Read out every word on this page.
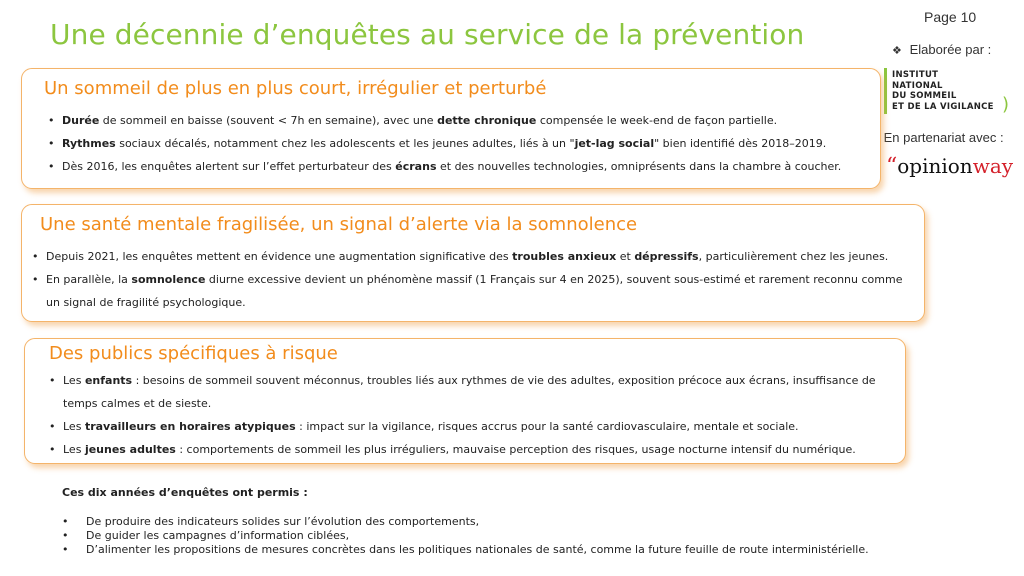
Une décennie d’enquêtes au service de la prévention
Page 10
❖ Elaborée par :
INSTITUT
NATIONAL
DU SOMMEIL
ET DE LA VIGILANCE )
En partenariat avec :
“opinionway
Un sommeil de plus en plus court, irrégulier et perturbé
• Durée de sommeil en baisse (souvent < 7h en semaine), avec une dette chronique compensée le week-end de façon partielle.
• Rythmes sociaux décalés, notamment chez les adolescents et les jeunes adultes, liés à un "jet-lag social" bien identifié dès 2018–2019.
• Dès 2016, les enquêtes alertent sur l’effet perturbateur des écrans et des nouvelles technologies, omniprésents dans la chambre à coucher.
Une santé mentale fragilisée, un signal d’alerte via la somnolence
• Depuis 2021, les enquêtes mettent en évidence une augmentation significative des troubles anxieux et dépressifs, particulièrement chez les jeunes.
• En parallèle, la somnolence diurne excessive devient un phénomène massif (1 Français sur 4 en 2025), souvent sous-estimé et rarement reconnu comme un signal de fragilité psychologique.
Des publics spécifiques à risque
• Les enfants : besoins de sommeil souvent méconnus, troubles liés aux rythmes de vie des adultes, exposition précoce aux écrans, insuffisance de temps calmes et de sieste.
• Les travailleurs en horaires atypiques : impact sur la vigilance, risques accrus pour la santé cardiovasculaire, mentale et sociale.
• Les jeunes adultes : comportements de sommeil les plus irréguliers, mauvaise perception des risques, usage nocturne intensif du numérique.
Ces dix années d’enquêtes ont permis :
• De produire des indicateurs solides sur l’évolution des comportements,
• De guider les campagnes d’information ciblées,
• D’alimenter les propositions de mesures concrètes dans les politiques nationales de santé, comme la future feuille de route interministérielle.
